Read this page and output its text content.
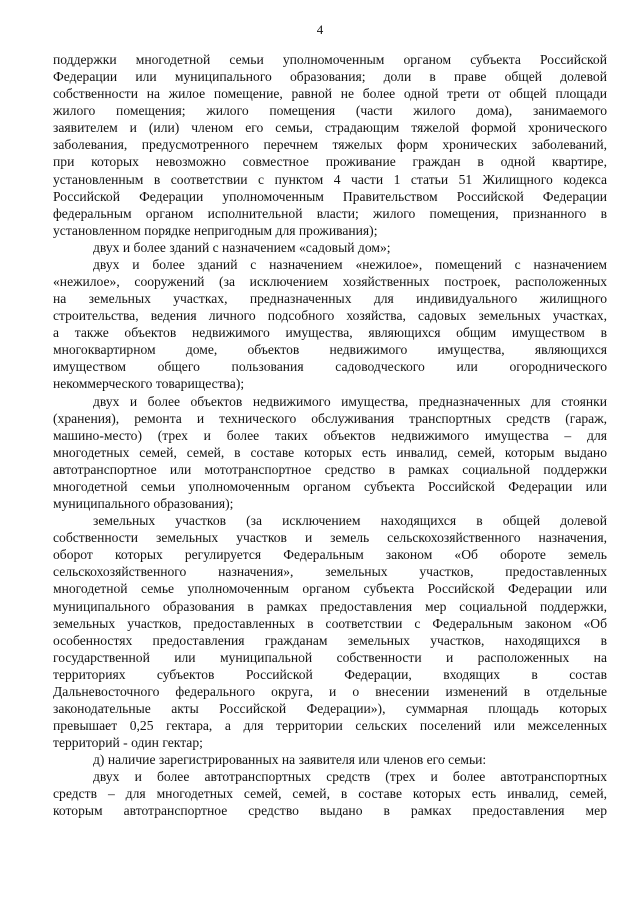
4
поддержки многодетной семьи уполномоченным органом субъекта Российской
Федерации или муниципального образования; доли в праве общей долевой
собственности на жилое помещение, равной не более одной трети от общей площади
жилого помещения; жилого помещения (части жилого дома), занимаемого
заявителем и (или) членом его семьи, страдающим тяжелой формой хронического
заболевания, предусмотренного перечнем тяжелых форм хронических заболеваний,
при которых невозможно совместное проживание граждан в одной квартире,
установленным в соответствии с пунктом 4 части 1 статьи 51 Жилищного кодекса
Российской Федерации уполномоченным Правительством Российской Федерации
федеральным органом исполнительной власти; жилого помещения, признанного в
установленном порядке непригодным для проживания);
двух и более зданий с назначением «садовый дом»;
двух и более зданий с назначением «нежилое», помещений с назначением
«нежилое», сооружений (за исключением хозяйственных построек, расположенных
на земельных участках, предназначенных для индивидуального жилищного
строительства, ведения личного подсобного хозяйства, садовых земельных участках,
а также объектов недвижимого имущества, являющихся общим имуществом в
многоквартирном доме, объектов недвижимого имущества, являющихся
имуществом общего пользования садоводческого или огороднического
некоммерческого товарищества);
двух и более объектов недвижимого имущества, предназначенных для стоянки
(хранения), ремонта и технического обслуживания транспортных средств (гараж,
машино-место) (трех и более таких объектов недвижимого имущества – для
многодетных семей, семей, в составе которых есть инвалид, семей, которым выдано
автотранспортное или мототранспортное средство в рамках социальной поддержки
многодетной семьи уполномоченным органом субъекта Российской Федерации или
муниципального образования);
земельных участков (за исключением находящихся в общей долевой
собственности земельных участков и земель сельскохозяйственного назначения,
оборот которых регулируется Федеральным законом «Об обороте земель
сельскохозяйственного назначения», земельных участков, предоставленных
многодетной семье уполномоченным органом субъекта Российской Федерации или
муниципального образования в рамках предоставления мер социальной поддержки,
земельных участков, предоставленных в соответствии с Федеральным законом «Об
особенностях предоставления гражданам земельных участков, находящихся в
государственной или муниципальной собственности и расположенных на
территориях субъектов Российской Федерации, входящих в состав
Дальневосточного федерального округа, и о внесении изменений в отдельные
законодательные акты Российской Федерации»), суммарная площадь которых
превышает 0,25 гектара, а для территории сельских поселений или межселенных
территорий - один гектар;
д) наличие зарегистрированных на заявителя или членов его семьи:
двух и более автотранспортных средств (трех и более автотранспортных
средств – для многодетных семей, семей, в составе которых есть инвалид, семей,
которым автотранспортное средство выдано в рамках предоставления мер
